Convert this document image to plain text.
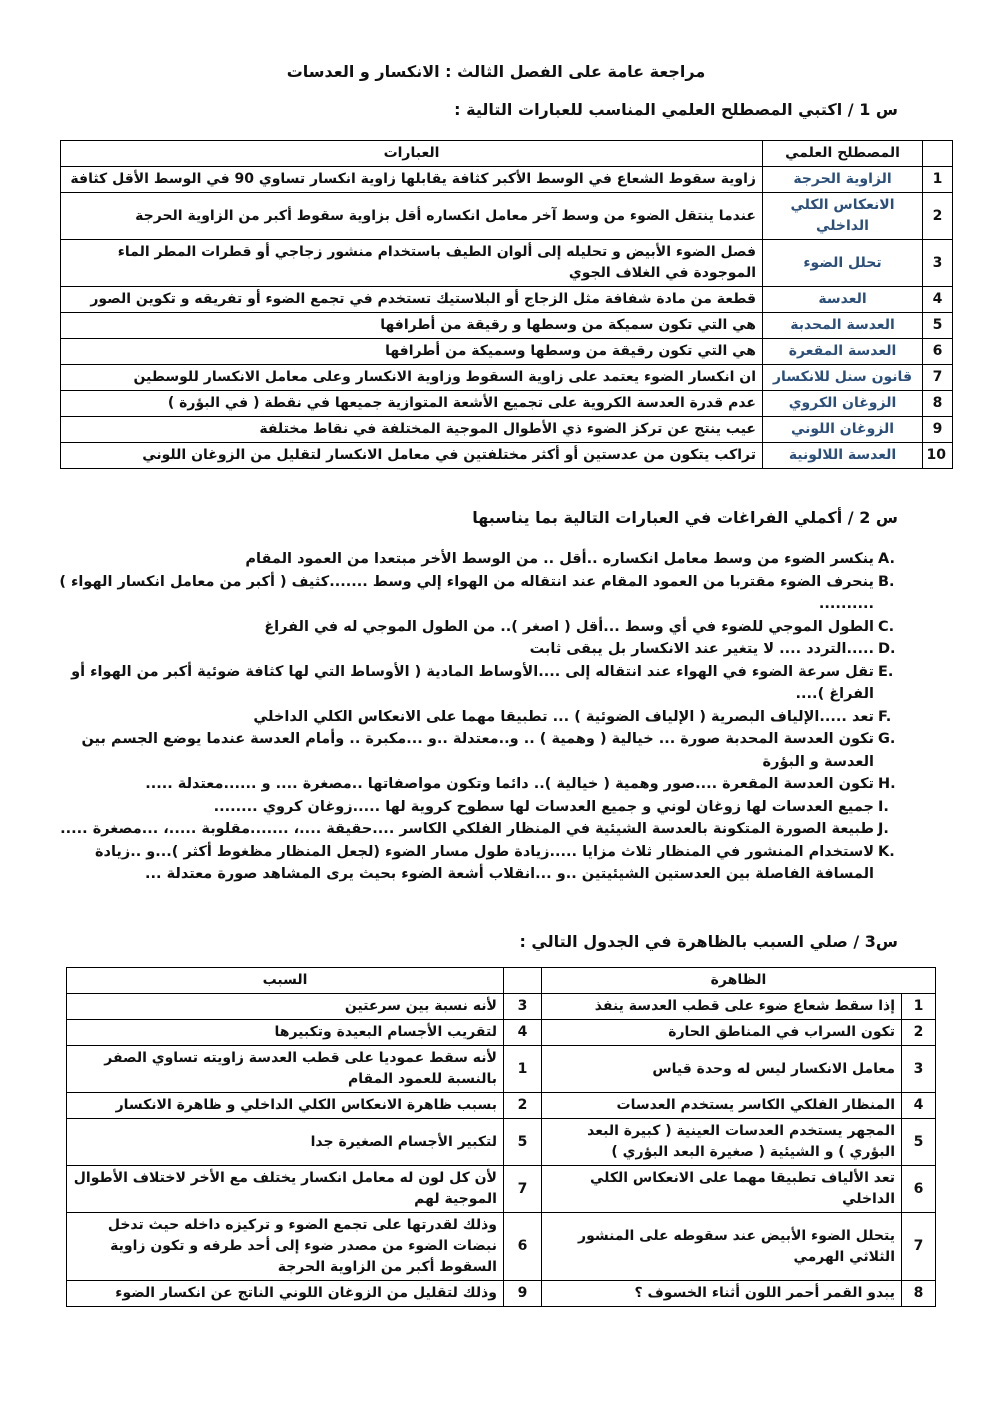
مراجعة عامة على الفصل الثالث : الانكسار و العدسات
س 1 / اكتبي المصطلح العلمي المناسب للعبارات التالية :
	المصطلح العلمي	العبارات
1	الزاوية الحرجة	زاوية سقوط الشعاع في الوسط الأكبر كثافة يقابلها زاوية انكسار تساوي 90 في الوسط الأقل كثافة
2	الانعكاس الكلي الداخلي	عندما ينتقل الضوء من وسط آخر معامل انكساره أقل بزاوية سقوط أكبر من الزاوية الحرجة
3	تحلل الضوء	فصل الضوء الأبيض و تحليله إلى ألوان الطيف باستخدام منشور زجاجي أو قطرات المطر الماء الموجودة في الغلاف الجوي
4	العدسة	قطعة من مادة شفافة مثل الزجاج أو البلاستيك تستخدم في تجمع الضوء أو تفريقه و تكوين الصور
5	العدسة المحدبة	هي التي تكون سميكة من وسطها و رقيقة من أطرافها
6	العدسة المقعرة	هي التي تكون رقيقة من وسطها وسميكة من أطرافها
7	قانون سنل للانكسار	ان انكسار الضوء يعتمد على زاوية السقوط وزاوية الانكسار وعلى معامل الانكسار للوسطين
8	الزوغان الكروي	عدم قدرة العدسة الكروية على تجميع الأشعة المتوازية جميعها في نقطة ( في البؤرة )
9	الزوغان اللوني	عيب ينتج عن تركز الضوء ذي الأطوال الموجية المختلفة في نقاط مختلفة
10	العدسة اللالونية	تراكب يتكون من عدستين أو أكثر مختلفتين في معامل الانكسار لتقليل من الزوغان اللوني
س 2 / أكملي الفراغات في العبارات التالية بما يناسبها
A.
ينكسر الضوء من وسط معامل انكساره ..أقل .. من الوسط الأخر مبتعدا من العمود المقام
B.
ينحرف الضوء مقتربا من العمود المقام عند انتقاله من الهواء إلي وسط .......كثيف ( أكبر من معامل انكسار الهواء ) ..........
C.
الطول الموجي للضوء في أي وسط ...أقل ( اصغر ).. من الطول الموجي له في الفراغ
D.
.....التردد .... لا يتغير عند الانكسار بل يبقى ثابت
E.
تقل سرعة الضوء في الهواء عند انتقاله إلى ....الأوساط المادية ( الأوساط التي لها كثافة ضوئية أكبر من الهواء أو الفراغ )....
F.
تعد .....الإلياف البصرية ( الإلياف الضوئية ) ... تطبيقا مهما على الانعكاس الكلي الداخلي
G.
تكون العدسة المحدبة صورة ... خيالية ( وهمية ) .. و..معتدلة ..و ...مكبرة .. وأمام العدسة عندما يوضع الجسم بين العدسة و البؤرة
H.
تكون العدسة المقعرة ....صور وهمية ( خيالية ).. دائما وتكون مواصفاتها ..مصغرة .... و ......معتدلة .....
I.
جميع العدسات لها زوغان لوني و جميع العدسات لها سطوح كروية لها .....زوغان كروي ........
J.
طبيعة الصورة المتكونة بالعدسة الشيئية في المنظار الفلكي الكاسر ....حقيقة ....، .......مقلوبة .....، ...مصغرة .....
K.
لاستخدام المنشور في المنظار ثلاث مزايا .....زيادة طول مسار الضوء (لجعل المنظار مظغوط أكثر )...و ..زيادة المسافة الفاصلة بين العدستين الشيئيتين ..و ...انقلاب أشعة الضوء بحيث يرى المشاهد صورة معتدلة ...
س3 / صلي السبب بالظاهرة في الجدول التالي :
الظاهرة			السبب
1	إذا سقط شعاع ضوء على قطب العدسة ينفذ	3	لأنه نسبة بين سرعتين
2	تكون السراب في المناطق الحارة	4	لتقريب الأجسام البعيدة وتكبيرها
3	معامل الانكسار ليس له وحدة قياس	1	لأنه سقط عموديا على قطب العدسة زاويته تساوي الصفر بالنسبة للعمود المقام
4	المنظار الفلكي الكاسر يستخدم العدسات	2	بسبب ظاهرة الانعكاس الكلي الداخلي و ظاهرة الانكسار
5	المجهر يستخدم العدسات العينية ( كبيرة البعد البؤري ) و الشيئية ( صغيرة البعد البؤري )	5	لتكبير الأجسام الصغيرة جدا
6	تعد الألياف تطبيقا مهما على الانعكاس الكلي الداخلي	7	لأن كل لون له معامل انكسار يختلف مع الأخر لاختلاف الأطوال الموجية لهم
7	يتحلل الضوء الأبيض عند سقوطه على المنشور الثلاثي الهرمي	6	وذلك لقدرتها على تجمع الضوء و تركيزه داخله حيث تدخل نبضات الضوء من مصدر ضوء إلى أحد طرفه و تكون زاوية السقوط أكبر من الزاوية الحرجة
8	يبدو القمر أحمر اللون أثناء الخسوف ؟	9	وذلك لتقليل من الزوغان اللوني الناتج عن انكسار الضوء
